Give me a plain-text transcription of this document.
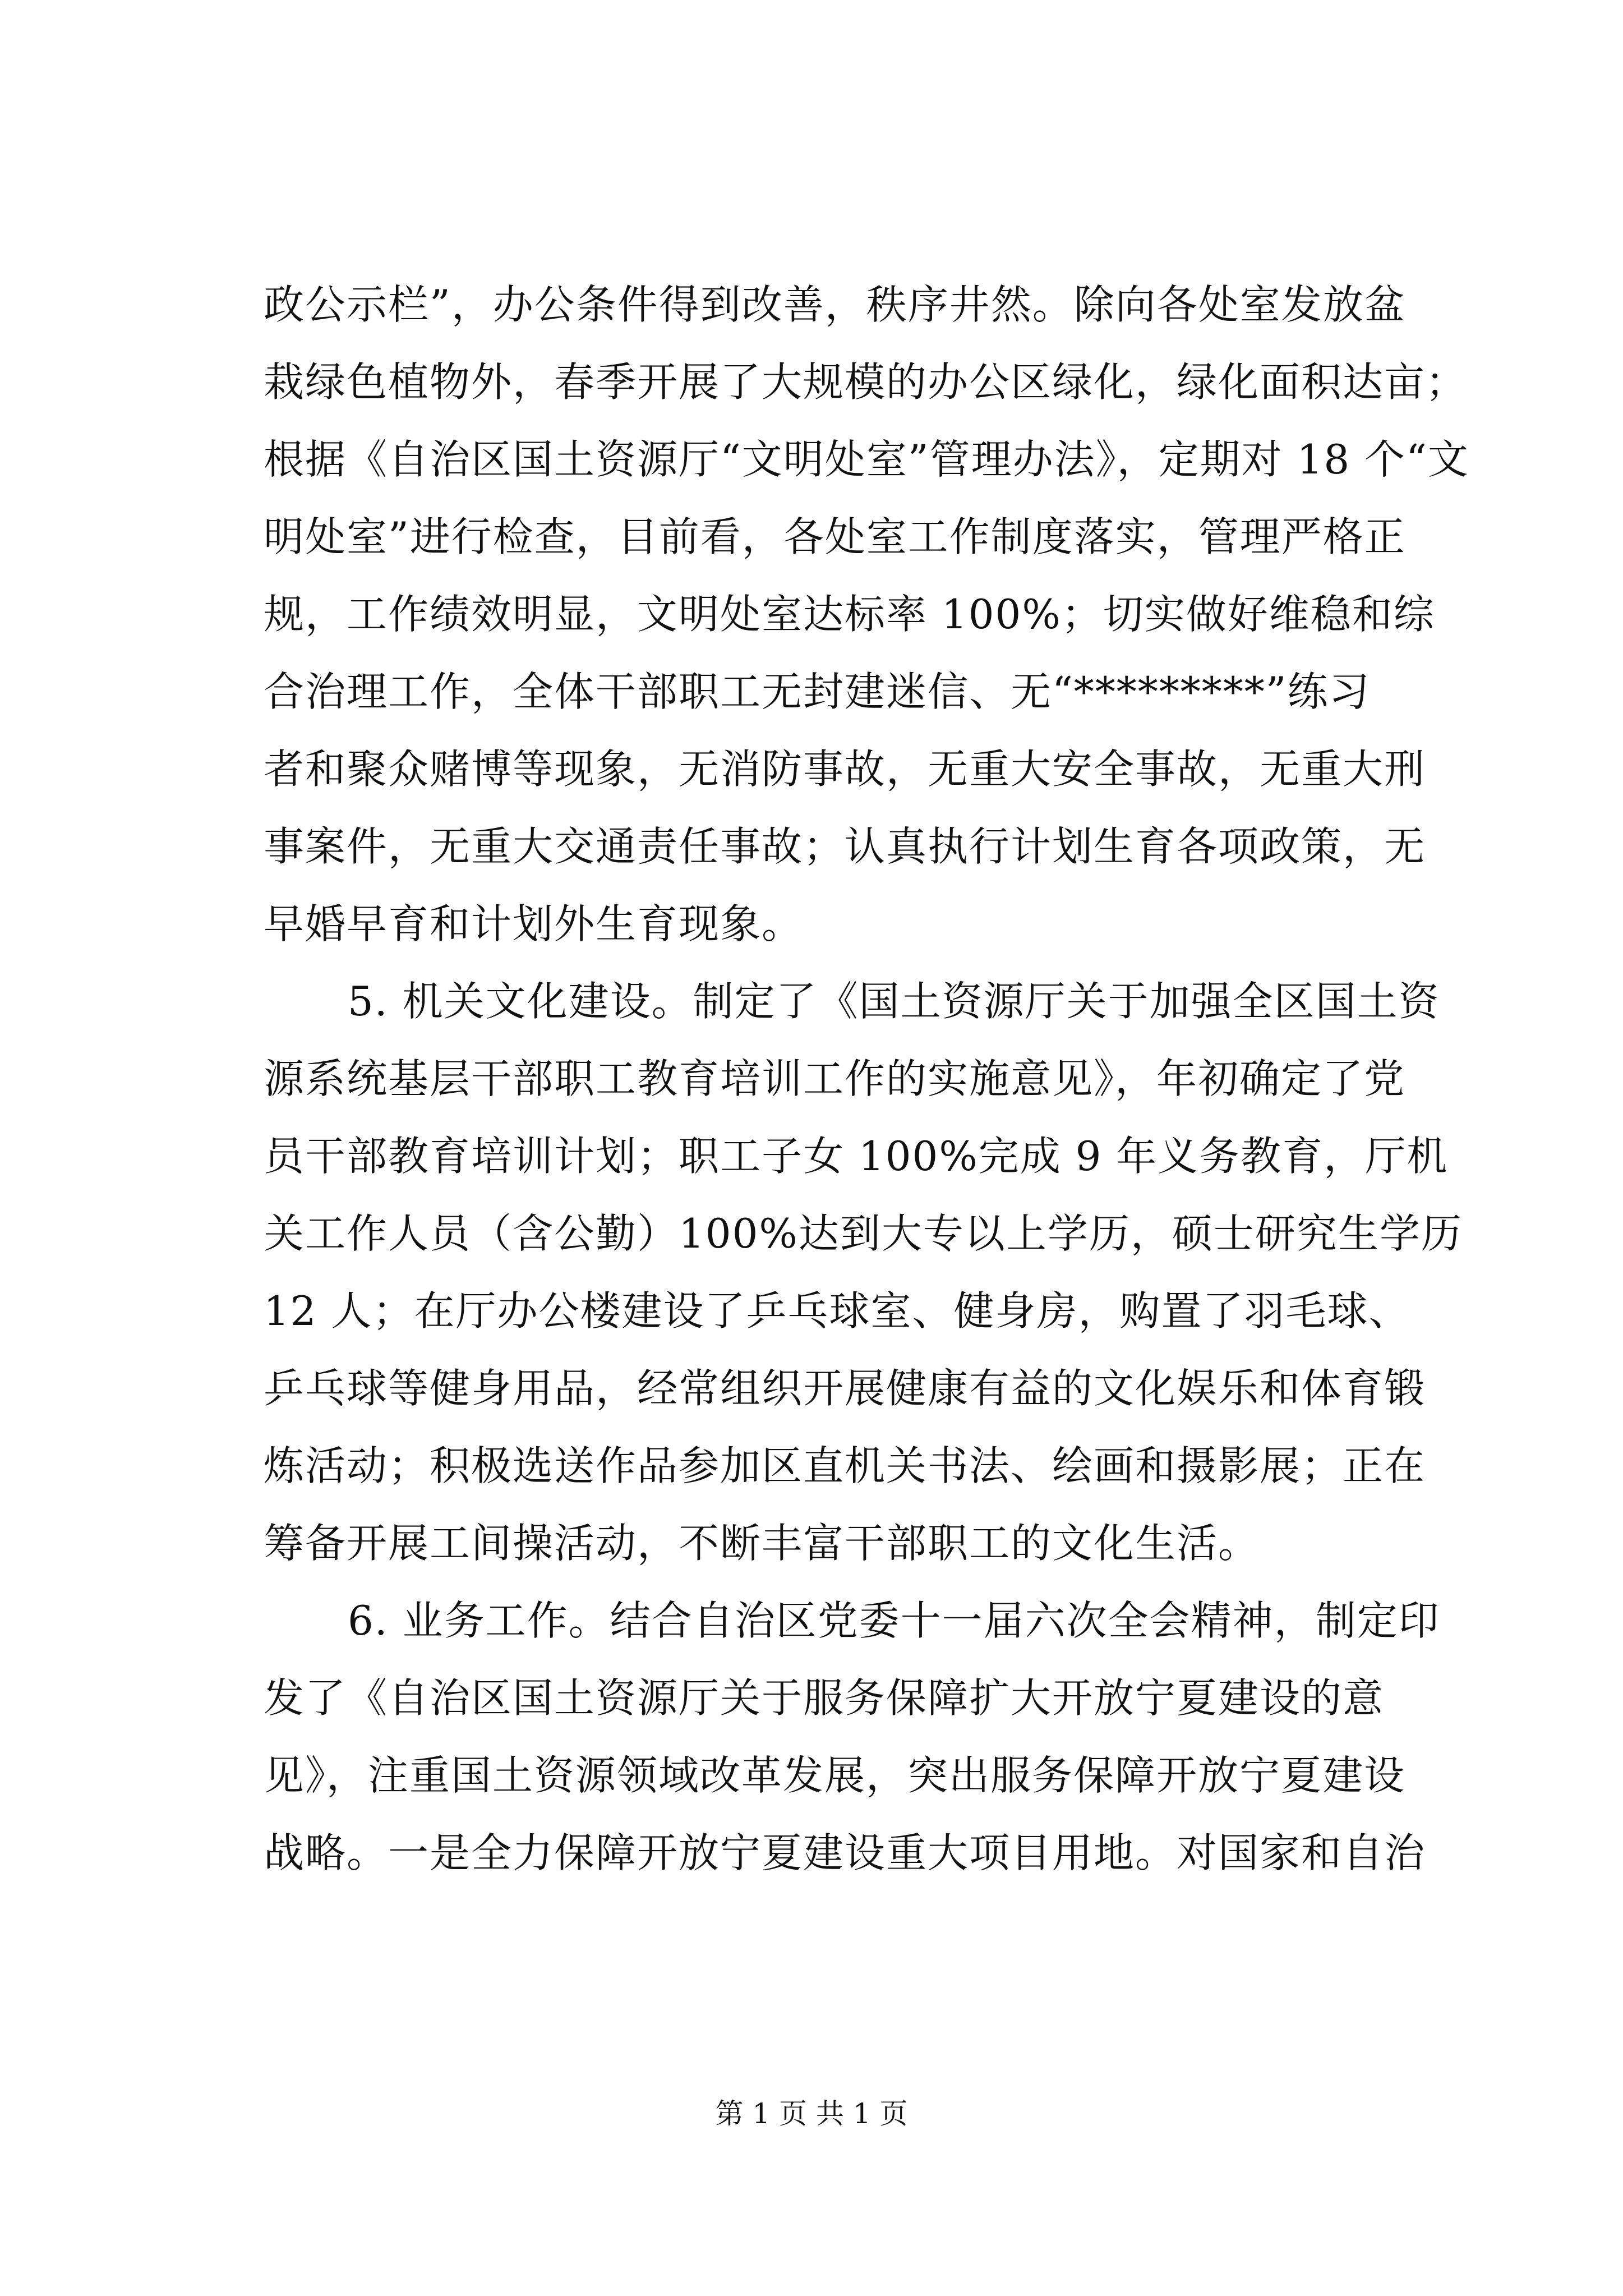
政公示栏”，办公条件得到改善，秩序井然。除向各处室发放盆
栽绿色植物外，春季开展了大规模的办公区绿化，绿化面积达亩；
根据《自治区国土资源厅“文明处室”管理办法》，定期对 18 个“文
明处室”进行检查，目前看，各处室工作制度落实，管理严格正
规，工作绩效明显，文明处室达标率 100%；切实做好维稳和综
合治理工作，全体干部职工无封建迷信、无“*********”练习
者和聚众赌博等现象，无消防事故，无重大安全事故，无重大刑
事案件，无重大交通责任事故；认真执行计划生育各项政策，无
早婚早育和计划外生育现象。
5. 机关文化建设。制定了《国土资源厅关于加强全区国土资
源系统基层干部职工教育培训工作的实施意见》，年初确定了党
员干部教育培训计划；职工子女 100%完成 9 年义务教育，厅机
关工作人员（含公勤）100%达到大专以上学历，硕士研究生学历
12 人；在厅办公楼建设了乒乓球室、健身房，购置了羽毛球、
乒乓球等健身用品，经常组织开展健康有益的文化娱乐和体育锻
炼活动；积极选送作品参加区直机关书法、绘画和摄影展；正在
筹备开展工间操活动，不断丰富干部职工的文化生活。
6. 业务工作。结合自治区党委十一届六次全会精神，制定印
发了《自治区国土资源厅关于服务保障扩大开放宁夏建设的意
见》，注重国土资源领域改革发展，突出服务保障开放宁夏建设
战略。一是全力保障开放宁夏建设重大项目用地。对国家和自治
第 1 页 共 1 页
